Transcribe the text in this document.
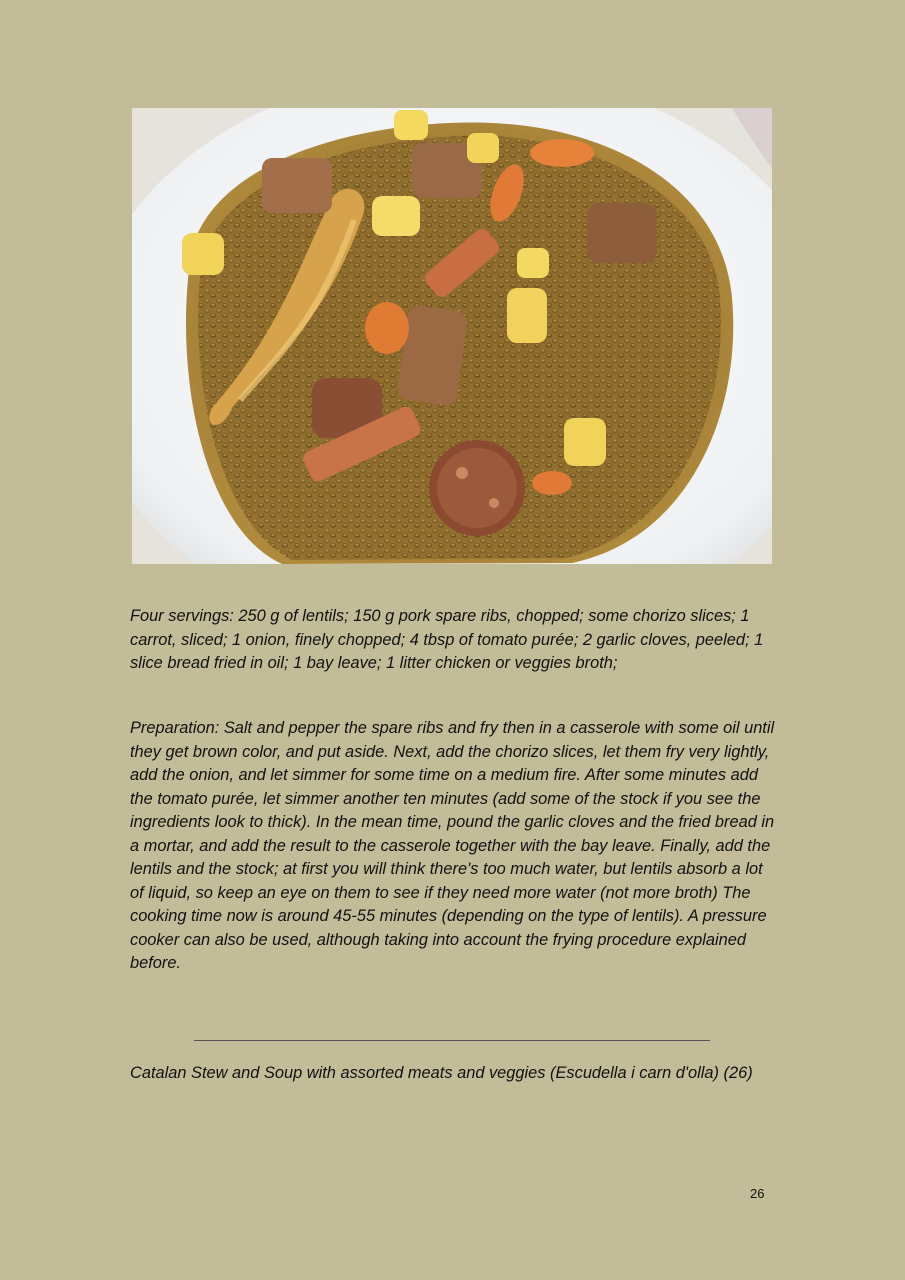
Four servings: 250 g of lentils; 150 g pork spare ribs, chopped; some chorizo slices; 1 carrot, sliced; 1 onion, finely chopped; 4 tbsp of tomato purée; 2 garlic cloves, peeled; 1 slice bread fried in oil; 1 bay leave; 1 litter chicken or veggies broth;

Preparation: Salt and pepper the spare ribs and fry then in a casserole with some oil until they get brown color, and put aside. Next, add the chorizo slices, let them fry very lightly, add the onion, and let simmer for some time on a medium fire. After some minutes add the tomato purée, let simmer another ten minutes (add some of the stock if you see the ingredients look to thick). In the mean time, pound the garlic cloves and the fried bread in a mortar, and add the result to the casserole together with the bay leave. Finally, add the lentils and the stock; at first you will think there's too much water, but lentils absorb a lot of liquid, so keep an eye on them to see if they need more water (not more broth) The cooking time now is around 45-55 minutes (depending on the type of lentils). A pressure cooker can also be used, although taking into account the frying procedure explained before.

Catalan Stew and Soup with assorted meats and veggies (Escudella i carn d'olla) (26)

26
